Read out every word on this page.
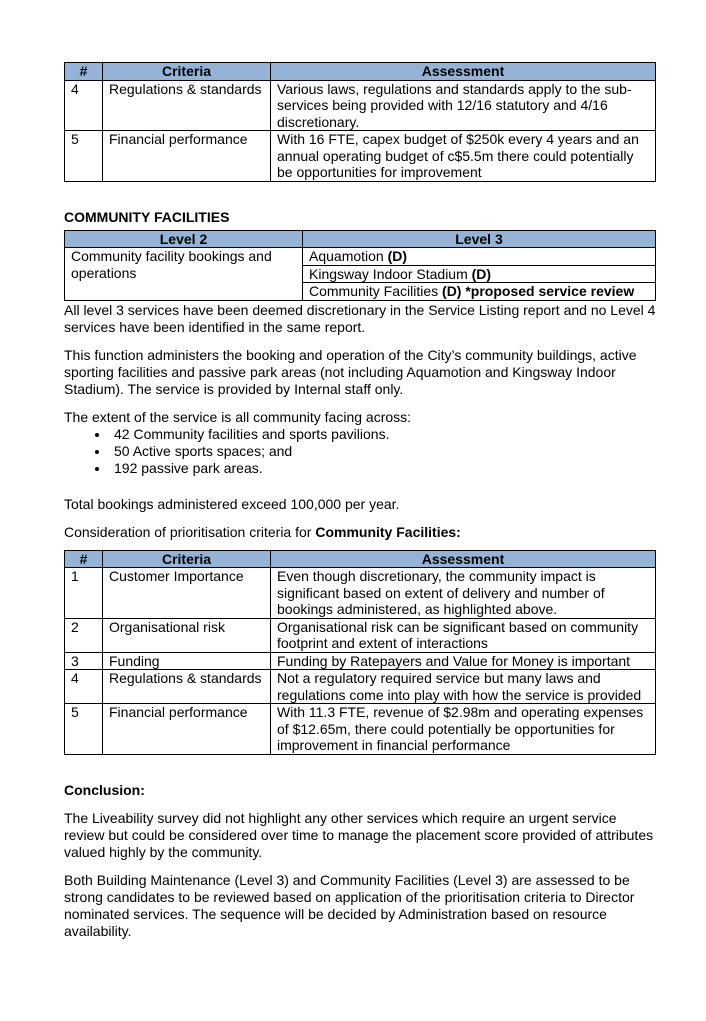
#	Criteria	Assessment
4	Regulations & standards	Various laws, regulations and standards apply to the sub-services being provided with 12/16 statutory and 4/16 discretionary.
5	Financial performance	With 16 FTE, capex budget of $250k every 4 years and an annual operating budget of c$5.5m there could potentially be opportunities for improvement

COMMUNITY FACILITIES

Level 2	Level 3
Community facility bookings and operations	Aquamotion (D)
	Kingsway Indoor Stadium (D)
	Community Facilities (D) *proposed service review

All level 3 services have been deemed discretionary in the Service Listing report and no Level 4 services have been identified in the same report.

This function administers the booking and operation of the City’s community buildings, active sporting facilities and passive park areas (not including Aquamotion and Kingsway Indoor Stadium). The service is provided by Internal staff only.

The extent of the service is all community facing across:

• 42 Community facilities and sports pavilions.
• 50 Active sports spaces; and
• 192 passive park areas.

Total bookings administered exceed 100,000 per year.

Consideration of prioritisation criteria for Community Facilities:

#	Criteria	Assessment
1	Customer Importance	Even though discretionary, the community impact is significant based on extent of delivery and number of bookings administered, as highlighted above.
2	Organisational risk	Organisational risk can be significant based on community footprint and extent of interactions
3	Funding	Funding by Ratepayers and Value for Money is important
4	Regulations & standards	Not a regulatory required service but many laws and regulations come into play with how the service is provided
5	Financial performance	With 11.3 FTE, revenue of $2.98m and operating expenses of $12.65m, there could potentially be opportunities for improvement in financial performance

Conclusion:

The Liveability survey did not highlight any other services which require an urgent service review but could be considered over time to manage the placement score provided of attributes valued highly by the community.

Both Building Maintenance (Level 3) and Community Facilities (Level 3) are assessed to be strong candidates to be reviewed based on application of the prioritisation criteria to Director nominated services. The sequence will be decided by Administration based on resource availability.
